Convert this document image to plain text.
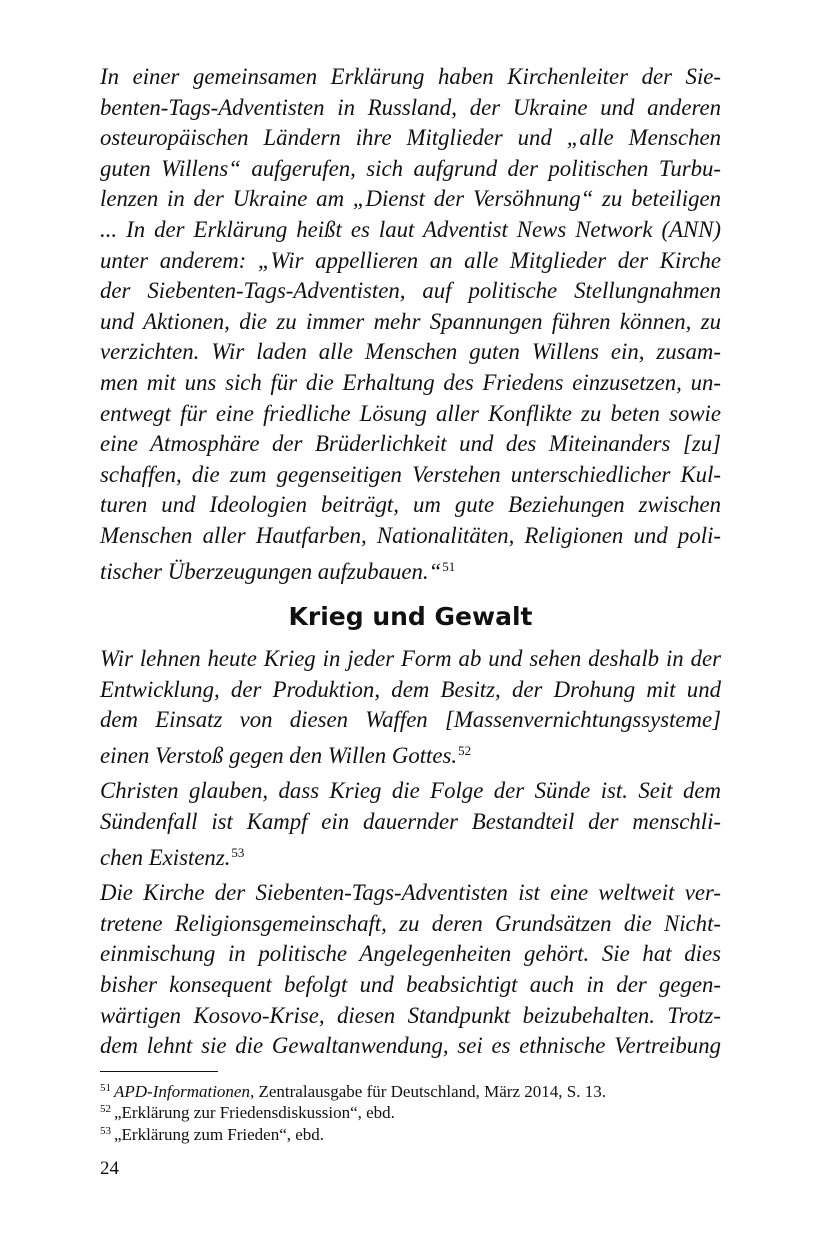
In einer gemeinsamen Erklärung haben Kirchenleiter der Sie-
benten-Tags-Adventisten in Russland, der Ukraine und anderen
osteuropäischen Ländern ihre Mitglieder und „alle Menschen
guten Willens“ aufgerufen, sich aufgrund der politischen Turbu-
lenzen in der Ukraine am „Dienst der Versöhnung“ zu beteiligen
... In der Erklärung heißt es laut Adventist News Network (ANN)
unter anderem: „Wir appellieren an alle Mitglieder der Kirche
der Siebenten-Tags-Adventisten, auf politische Stellungnahmen
und Aktionen, die zu immer mehr Spannungen führen können, zu
verzichten. Wir laden alle Menschen guten Willens ein, zusam-
men mit uns sich für die Erhaltung des Friedens einzusetzen, un-
entwegt für eine friedliche Lösung aller Konflikte zu beten sowie
eine Atmosphäre der Brüderlichkeit und des Miteinanders [zu]
schaffen, die zum gegenseitigen Verstehen unterschiedlicher Kul-
turen und Ideologien beiträgt, um gute Beziehungen zwischen
Menschen aller Hautfarben, Nationalitäten, Religionen und poli-
tischer Überzeugungen aufzubauen.“$^{51}$
Krieg und Gewalt
Wir lehnen heute Krieg in jeder Form ab und sehen deshalb in der
Entwicklung, der Produktion, dem Besitz, der Drohung mit und
dem Einsatz von diesen Waffen [Massenvernichtungssysteme]
einen Verstoß gegen den Willen Gottes.$^{52}$
Christen glauben, dass Krieg die Folge der Sünde ist. Seit dem
Sündenfall ist Kampf ein dauernder Bestandteil der menschli-
chen Existenz.$^{53}$
Die Kirche der Siebenten-Tags-Adventisten ist eine weltweit ver-
tretene Religionsgemeinschaft, zu deren Grundsätzen die Nicht-
einmischung in politische Angelegenheiten gehört. Sie hat dies
bisher konsequent befolgt und beabsichtigt auch in der gegen-
wärtigen Kosovo-Krise, diesen Standpunkt beizubehalten. Trotz-
dem lehnt sie die Gewaltanwendung, sei es ethnische Vertreibung
$^{51}$ APD-Informationen, Zentralausgabe für Deutschland, März 2014, S. 13.
$^{52}$ „Erklärung zur Friedensdiskussion“, ebd.
$^{53}$ „Erklärung zum Frieden“, ebd.
24
